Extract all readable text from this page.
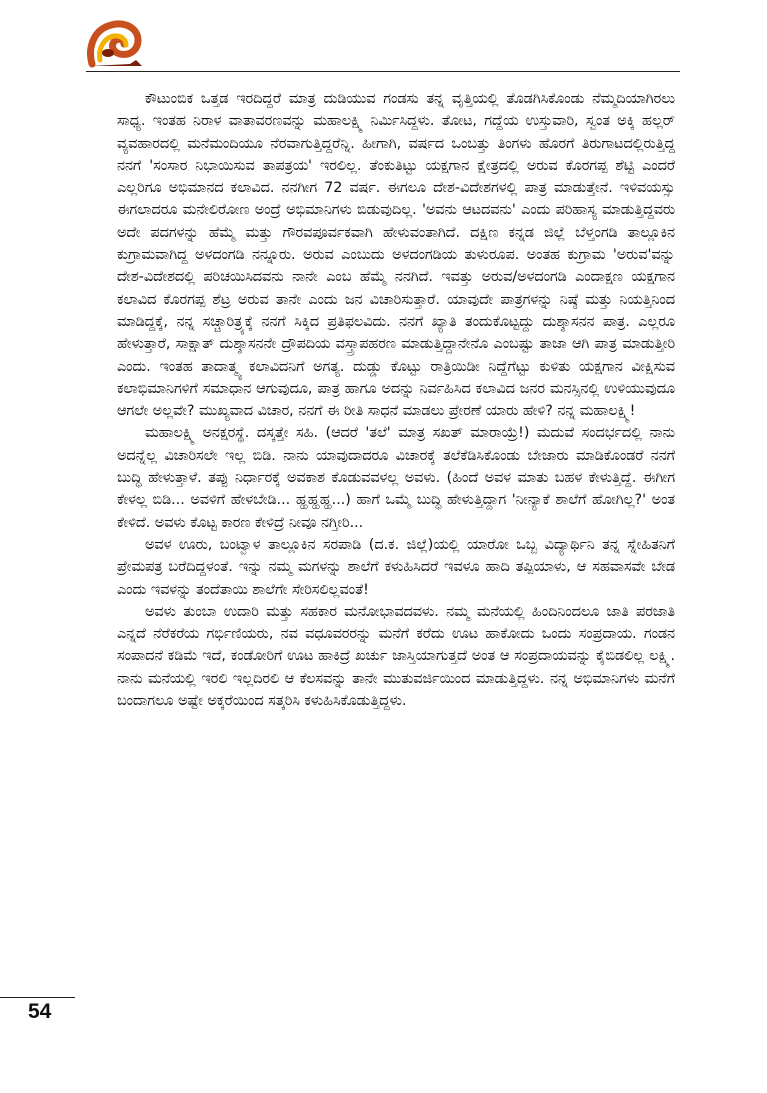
ಕೌಟುಂಬಿಕ ಒತ್ತಡ ಇರದಿದ್ದರೆ ಮಾತ್ರ ದುಡಿಯುವ ಗಂಡಸು ತನ್ನ ವೃತ್ತಿಯಲ್ಲಿ ತೊಡಗಿಸಿಕೊಂಡು ನೆಮ್ಮದಿಯಾಗಿರಲು ಸಾಧ್ಯ. ಇಂತಹ ನಿರಾಳ ವಾತಾವರಣವನ್ನು ಮಹಾಲಕ್ಷ್ಮಿ ನಿರ್ಮಿಸಿದ್ದಳು. ತೋಟ, ಗದ್ದೆಯ ಉಸ್ತುವಾರಿ, ಸ್ವಂತ ಅಕ್ಕಿ ಹಲ್ಲರ್ ವ್ಯವಹಾರದಲ್ಲಿ ಮನೆಮಂದಿಯೂ ನೆರವಾಗುತ್ತಿದ್ದರೆನ್ನಿ. ಹೀಗಾಗಿ, ವರ್ಷದ ಒಂಬತ್ತು ತಿಂಗಳು ಹೊರಗೆ ತಿರುಗಾಟದಲ್ಲಿರುತ್ತಿದ್ದ ನನಗೆ 'ಸಂಸಾರ ನಿಭಾಯಿಸುವ ತಾಪತ್ರಯ' ಇರಲಿಲ್ಲ. ತೆಂಕುತಿಟ್ಟು ಯಕ್ಷಗಾನ ಕ್ಷೇತ್ರದಲ್ಲಿ ಅರುವ ಕೊರಗಪ್ಪ ಶೆಟ್ಟಿ ಎಂದರೆ ಎಲ್ಲರಿಗೂ ಅಭಿಮಾನದ ಕಲಾವಿದ. ನನಗೀಗ 72 ವರ್ಷ. ಈಗಲೂ ದೇಶ-ವಿದೇಶಗಳಲ್ಲಿ ಪಾತ್ರ ಮಾಡುತ್ತೇನೆ. ಇಳಿವಯಸ್ಸು ಈಗಲಾದರೂ ಮನೇಲಿರೋಣ ಅಂದ್ರೆ ಅಭಿಮಾನಿಗಳು ಬಿಡುವುದಿಲ್ಲ. 'ಅವನು ಆಟದವನು' ಎಂದು ಪರಿಹಾಸ್ಯ ಮಾಡುತ್ತಿದ್ದವರು ಅದೇ ಪದಗಳನ್ನು ಹೆಮ್ಮೆ ಮತ್ತು ಗೌರವಪೂರ್ವಕವಾಗಿ ಹೇಳುವಂತಾಗಿದೆ. ದಕ್ಷಿಣ ಕನ್ನಡ ಜಿಲ್ಲೆ ಬೆಳ್ತಂಗಡಿ ತಾಲ್ಲೂಕಿನ ಕುಗ್ರಾಮವಾಗಿದ್ದ ಅಳದಂಗಡಿ ನನ್ನೂರು. ಅರುವ ಎಂಬುದು ಅಳದಂಗಡಿಯ ತುಳುರೂಪ. ಅಂತಹ ಕುಗ್ರಾಮ 'ಅರುವ'ವನ್ನು ದೇಶ-ವಿದೇಶದಲ್ಲಿ ಪರಿಚಯಿಸಿದವನು ನಾನೇ ಎಂಬ ಹೆಮ್ಮೆ ನನಗಿದೆ. ಇವತ್ತು ಅರುವ/ಅಳದಂಗಡಿ ಎಂದಾಕ್ಷಣ ಯಕ್ಷಗಾನ ಕಲಾವಿದ ಕೊರಗಪ್ಪ ಶೆಟ್ರ ಅರುವ ತಾನೇ ಎಂದು ಜನ ವಿಚಾರಿಸುತ್ತಾರೆ. ಯಾವುದೇ ಪಾತ್ರಗಳನ್ನು ನಿಷ್ಠೆ ಮತ್ತು ನಿಯತ್ತಿನಿಂದ ಮಾಡಿದ್ದಕ್ಕೆ, ನನ್ನ ಸಚ್ಚಾರಿತ್ರ್ಯಕ್ಕೆ ನನಗೆ ಸಿಕ್ಕಿದ ಪ್ರತಿಫಲವಿದು. ನನಗೆ ಖ್ಯಾತಿ ತಂದುಕೊಟ್ಟದ್ದು ದುಶ್ಶಾಸನನ ಪಾತ್ರ. ಎಲ್ಲರೂ ಹೇಳುತ್ತಾರೆ, ಸಾಕ್ಷಾತ್ ದುಶ್ಶಾಸನನೇ ದ್ರೌಪದಿಯ ವಸ್ತ್ರಾಪಹರಣ ಮಾಡುತ್ತಿದ್ದಾನೇನೊ ಎಂಬಷ್ಟು ತಾಜಾ ಆಗಿ ಪಾತ್ರ ಮಾಡುತ್ತೀರಿ ಎಂದು. ಇಂತಹ ತಾದಾತ್ಮ್ಯ ಕಲಾವಿದನಿಗೆ ಅಗತ್ಯ. ದುಡ್ಡು ಕೊಟ್ಟು ರಾತ್ರಿಯಿಡೀ ನಿದ್ದೆಗೆಟ್ಟು ಕುಳಿತು ಯಕ್ಷಗಾನ ವೀಕ್ಷಿಸುವ ಕಲಾಭಿಮಾನಿಗಳಿಗೆ ಸಮಾಧಾನ ಆಗುವುದೂ, ಪಾತ್ರ ಹಾಗೂ ಅದನ್ನು ನಿರ್ವಹಿಸಿದ ಕಲಾವಿದ ಜನರ ಮನಸ್ಸಿನಲ್ಲಿ ಉಳಿಯುವುದೂ ಆಗಲೇ ಅಲ್ಲವೇ? ಮುಖ್ಯವಾದ ವಿಚಾರ, ನನಗೆ ಈ ರೀತಿ ಸಾಧನೆ ಮಾಡಲು ಪ್ರೇರಣೆ ಯಾರು ಹೇಳಿ? ನನ್ನ ಮಹಾಲಕ್ಷ್ಮಿ!

ಮಹಾಲಕ್ಷ್ಮಿ ಅನಕ್ಷರಸ್ಥೆ. ದಸ್ಕತ್ತೇ ಸಹಿ. (ಆದರೆ 'ತಲೆ' ಮಾತ್ರ ಸಖತ್ ಮಾರಾಯ್ರೆ!) ಮದುವೆ ಸಂದರ್ಭದಲ್ಲಿ ನಾನು ಅದನ್ನೆಲ್ಲ ವಿಚಾರಿಸಲೇ ಇಲ್ಲ ಬಿಡಿ. ನಾನು ಯಾವುದಾದರೂ ವಿಚಾರಕ್ಕೆ ತಲೆಕೆಡಿಸಿಕೊಂಡು ಬೇಜಾರು ಮಾಡಿಕೊಂಡರೆ ನನಗೆ ಬುದ್ಧಿ ಹೇಳುತ್ತಾಳೆ. ತಪ್ಪು ನಿರ್ಧಾರಕ್ಕೆ ಅವಕಾಶ ಕೊಡುವವಳಲ್ಲ ಅವಳು. (ಹಿಂದೆ ಅವಳ ಮಾತು ಬಹಳ ಕೇಳುತ್ತಿದ್ದೆ. ಈಗೀಗ ಕೇಳಲ್ಲ ಬಿಡಿ... ಅವಳಿಗೆ ಹೇಳಬೇಡಿ... ಹ್ಹಹ್ಹಹ್ಹ...) ಹಾಗೆ ಒಮ್ಮೆ ಬುದ್ಧಿ ಹೇಳುತ್ತಿದ್ದಾಗ 'ನೀನ್ಯಾಕೆ ಶಾಲೆಗೆ ಹೋಗಿಲ್ಲ?' ಅಂತ ಕೇಳಿದೆ. ಅವಳು ಕೊಟ್ಟ ಕಾರಣ ಕೇಳಿದ್ರೆ ನೀವೂ ನಗ್ತೀರಿ...

ಅವಳ ಊರು, ಬಂಟ್ವಾಳ ತಾಲ್ಲೂಕಿನ ಸರಪಾಡಿ (ದ.ಕ. ಜಿಲ್ಲೆ)ಯಲ್ಲಿ ಯಾರೋ ಒಬ್ಬ ವಿದ್ಯಾರ್ಥಿನಿ ತನ್ನ ಸ್ನೇಹಿತನಿಗೆ ಪ್ರೇಮಪತ್ರ ಬರೆದಿದ್ದಳಂತೆ. ಇನ್ನು ನಮ್ಮ ಮಗಳನ್ನು ಶಾಲೆಗೆ ಕಳುಹಿಸಿದರೆ ಇವಳೂ ಹಾದಿ ತಪ್ಪಿಯಾಳು, ಆ ಸಹವಾಸವೇ ಬೇಡ ಎಂದು ಇವಳನ್ನು ತಂದೆತಾಯಿ ಶಾಲೆಗೇ ಸೇರಿಸಲಿಲ್ಲವಂತೆ!

ಅವಳು ತುಂಬಾ ಉದಾರಿ ಮತ್ತು ಸಹಕಾರ ಮನೋಭಾವದವಳು. ನಮ್ಮ ಮನೆಯಲ್ಲಿ ಹಿಂದಿನಿಂದಲೂ ಜಾತಿ ಪರಜಾತಿ ಎನ್ನದೆ ನೆರೆಕರೆಯ ಗರ್ಭಿಣಿಯರು, ನವ ವಧೂವರರನ್ನು ಮನೆಗೆ ಕರೆದು ಊಟ ಹಾಕೋದು ಒಂದು ಸಂಪ್ರದಾಯ. ಗಂಡನ ಸಂಪಾದನೆ ಕಡಿಮೆ ಇದೆ, ಕಂಡೋರಿಗೆ ಊಟ ಹಾಕಿದ್ರೆ ಖರ್ಚು ಜಾಸ್ತಿಯಾಗುತ್ತದೆ ಅಂತ ಆ ಸಂಪ್ರದಾಯವನ್ನು ಕೈಬಿಡಲಿಲ್ಲ ಲಕ್ಷ್ಮಿ. ನಾನು ಮನೆಯಲ್ಲಿ ಇರಲಿ ಇಲ್ಲದಿರಲಿ ಆ ಕೆಲಸವನ್ನು ತಾನೇ ಮುತುವರ್ಜಿಯಿಂದ ಮಾಡುತ್ತಿದ್ದಳು. ನನ್ನ ಅಭಿಮಾನಿಗಳು ಮನೆಗೆ ಬಂದಾಗಲೂ ಅಷ್ಟೇ ಅಕ್ಕರೆಯಿಂದ ಸತ್ಕರಿಸಿ ಕಳುಹಿಸಿಕೊಡುತ್ತಿದ್ದಳು.

54
